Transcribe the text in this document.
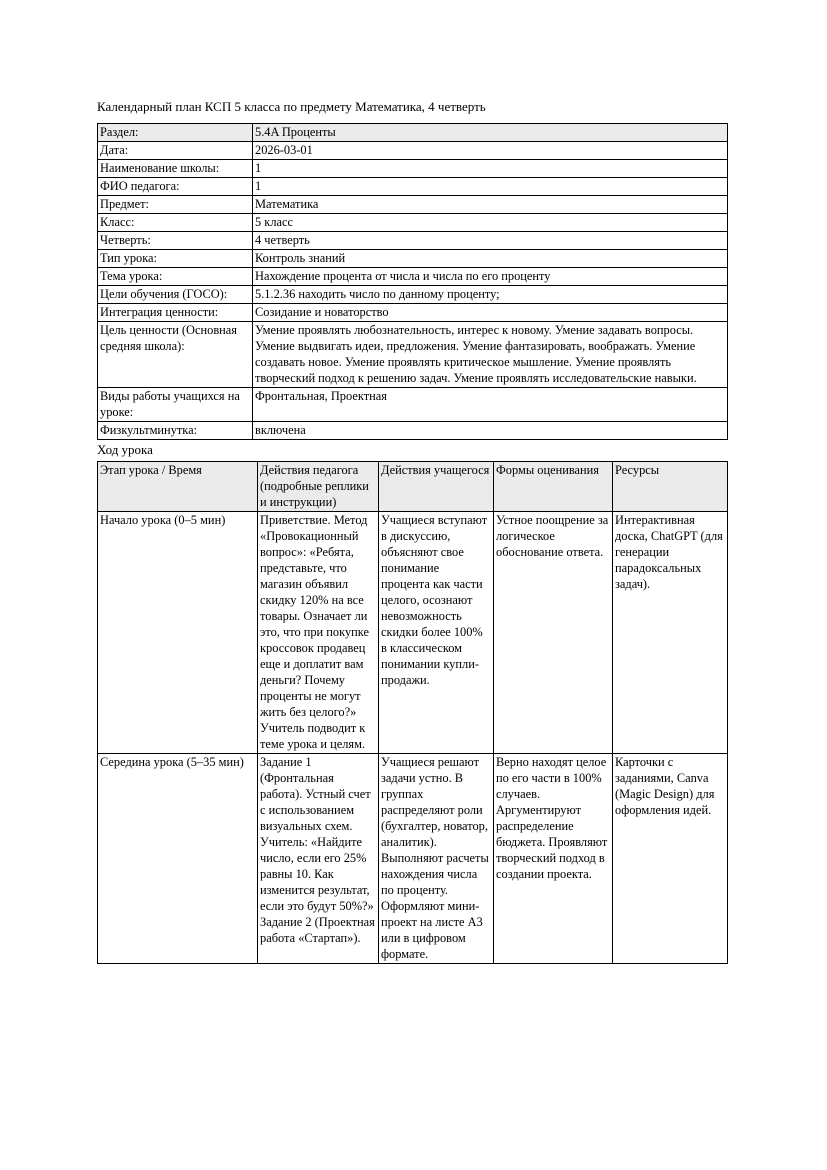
Календарный план КСП 5 класса по предмету Математика, 4 четверть

Раздел:	5.4A Проценты
Дата:	2026-03-01
Наименование школы:	1
ФИО педагога:	1
Предмет:	Математика
Класс:	5 класс
Четверть:	4 четверть
Тип урока:	Контроль знаний
Тема урока:	Нахождение процента от числа и числа по его проценту
Цели обучения (ГОСО):	5.1.2.36 находить число по данному проценту;
Интеграция ценности:	Созидание и новаторство
Цель ценности (Основная средняя школа):	Умение проявлять любознательность, интерес к новому. Умение задавать вопросы. Умение выдвигать идеи, предложения. Умение фантазировать, воображать. Умение создавать новое. Умение проявлять критическое мышление. Умение проявлять творческий подход к решению задач. Умение проявлять исследовательские навыки.
Виды работы учащихся на уроке:	Фронтальная, Проектная
Физкультминутка:	включена

Ход урока

Этап урока / Время	Действия педагога (подробные реплики и инструкции)	Действия учащегося	Формы оценивания	Ресурсы
Начало урока (0–5 мин)	Приветствие. Метод «Провокационный вопрос»: «Ребята, представьте, что магазин объявил скидку 120% на все товары. Означает ли это, что при покупке кроссовок продавец еще и доплатит вам деньги? Почему проценты не могут жить без целого?» Учитель подводит к теме урока и целям.	Учащиеся вступают в дискуссию, объясняют свое понимание процента как части целого, осознают невозможность скидки более 100% в классическом понимании купли-продажи.	Устное поощрение за логическое обоснование ответа.	Интерактивная доска, ChatGPT (для генерации парадоксальных задач).
Середина урока (5–35 мин)	Задание 1 (Фронтальная работа). Устный счет с использованием визуальных схем. Учитель: «Найдите число, если его 25% равны 10. Как изменится результат, если это будут 50%?» Задание 2 (Проектная работа «Стартап»).	Учащиеся решают задачи устно. В группах распределяют роли (бухгалтер, новатор, аналитик). Выполняют расчеты нахождения числа по проценту. Оформляют мини-проект на листе А3 или в цифровом формате.	Верно находят целое по его части в 100% случаев. Аргументируют распределение бюджета. Проявляют творческий подход в создании проекта.	Карточки с заданиями, Canva (Magic Design) для оформления идей.
